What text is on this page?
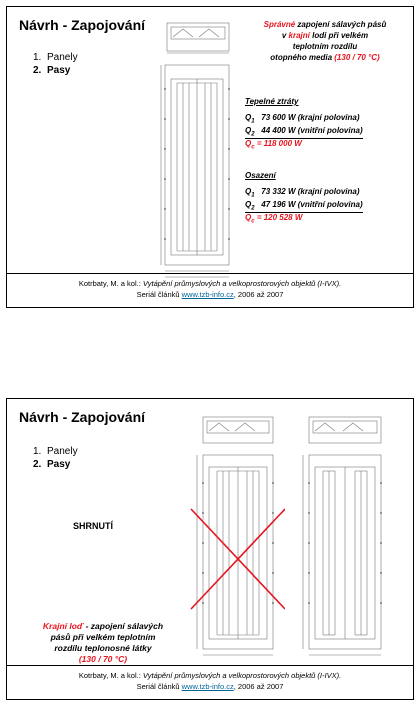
Návrh - Zapojování
1. Panely
2. Pasy
Správné zapojení sálavých pásů
v krajní lodi při velkém
teplotním rozdílu
otopného media (130 / 70 °C)
Tepelné ztráty
$Q_1$ 73 600 W (krajní polovina)
$Q_2$ 44 400 W (vnitřní polovina)
$Q_c = 118$ 000 W
Osazení
$Q_1$ 73 332 W (krajní polovina)
$Q_2$ 47 196 W (vnitřní polovina)
$Q_c = 120$ 528 W
Kotrbaty, M. a kol.: Vytápění průmyslových a velkoprostorových objektů (I-IVX).
Seriál článků www.tzb-info.cz, 2006 až 2007
Návrh - Zapojování
1. Panely
2. Pasy
SHRNUTÍ
Krajní loď - zapojení sálavých
pásů při velkém teplotním
rozdílu teplonosné látky
(130 / 70 °C)
Kotrbaty, M. a kol.: Vytápění průmyslových a velkoprostorových objektů (I-IVX).
Seriál článků www.tzb-info.cz, 2006 až 2007
